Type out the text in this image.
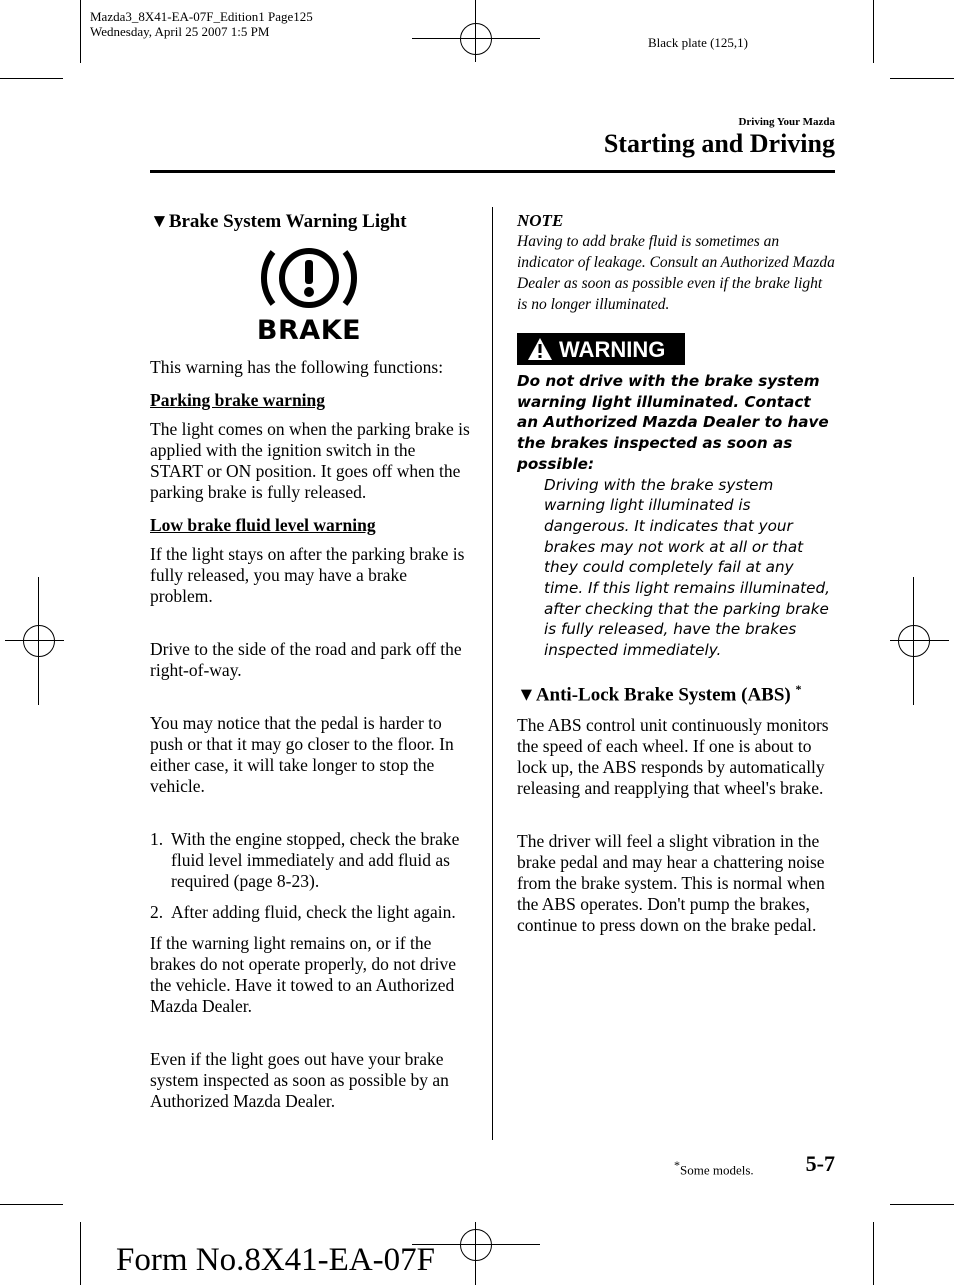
Mazda3_8X41-EA-07F_Edition1 Page125
Wednesday, April 25 2007 1:5 PM
Black plate (125,1)
Driving Your Mazda
Starting and Driving
▼Brake System Warning Light
BRAKE

This warning has the following functions:

Parking brake warning

The light comes on when the parking brake is applied with the ignition switch in the START or ON position. It goes off when the parking brake is fully released.

Low brake fluid level warning

If the light stays on after the parking brake is fully released, you may have a brake problem.

Drive to the side of the road and park off the right-of-way.

You may notice that the pedal is harder to push or that it may go closer to the floor. In either case, it will take longer to stop the vehicle.

1. With the engine stopped, check the brake fluid level immediately and add fluid as required (page 8-23).
2. After adding fluid, check the light again.

If the warning light remains on, or if the brakes do not operate properly, do not drive the vehicle. Have it towed to an Authorized Mazda Dealer.

Even if the light goes out have your brake system inspected as soon as possible by an Authorized Mazda Dealer.

NOTE
Having to add brake fluid is sometimes an indicator of leakage. Consult an Authorized Mazda Dealer as soon as possible even if the brake light is no longer illuminated.
WARNING
Do not drive with the brake system warning light illuminated. Contact an Authorized Mazda Dealer to have the brakes inspected as soon as possible:
Driving with the brake system warning light illuminated is dangerous. It indicates that your brakes may not work at all or that they could completely fail at any time. If this light remains illuminated, after checking that the parking brake is fully released, have the brakes inspected immediately.
▼Anti-Lock Brake System (ABS) *

The ABS control unit continuously monitors the speed of each wheel. If one is about to lock up, the ABS responds by automatically releasing and reapplying that wheel's brake.

The driver will feel a slight vibration in the brake pedal and may hear a chattering noise from the brake system. This is normal when the ABS operates. Don't pump the brakes, continue to press down on the brake pedal.

*Some models. 5-7
Form No.8X41-EA-07F
